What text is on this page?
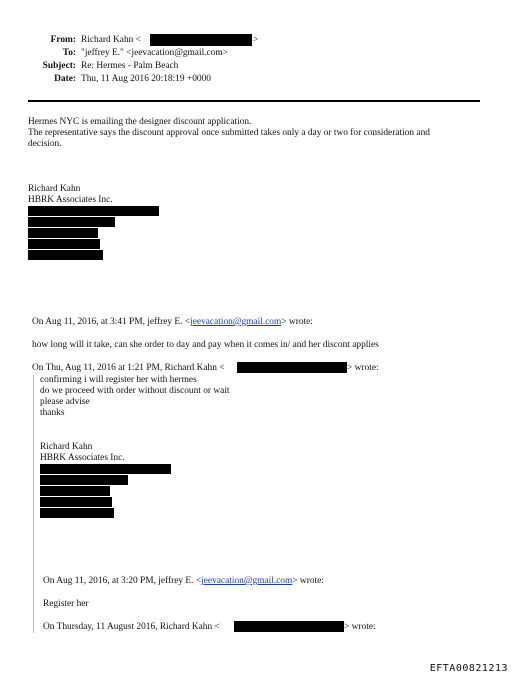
From: Richard Kahn <	>
To: "jeffrey E." <jeevacation@gmail.com>
Subject: Re: Hermes - Palm Beach
Date: Thu, 11 Aug 2016 20:18:19 +0000
Hermes NYC is emailing the designer discount application.
The representative says the discount approval once submitted takes only a day or two for consideration and
decision.
Richard Kahn
HBRK Associates Inc.
On Aug 11, 2016, at 3:41 PM, jeffrey E. <jeevacation@gmail.com> wrote:
how long will it take, can she order to day and pay when it comes in/ and her discont applies
On Thu, Aug 11, 2016 at 1:21 PM, Richard Kahn <	> wrote:
confirming i will register her with hermes
do we proceed with order without discount or wait
please advise
thanks
Richard Kahn
HBRK Associates Inc.
On Aug 11, 2016, at 3:20 PM, jeffrey E. <jeevacation@gmail.com> wrote:
Register her
On Thursday, 11 August 2016, Richard Kahn <	> wrote:
EFTA00821213
